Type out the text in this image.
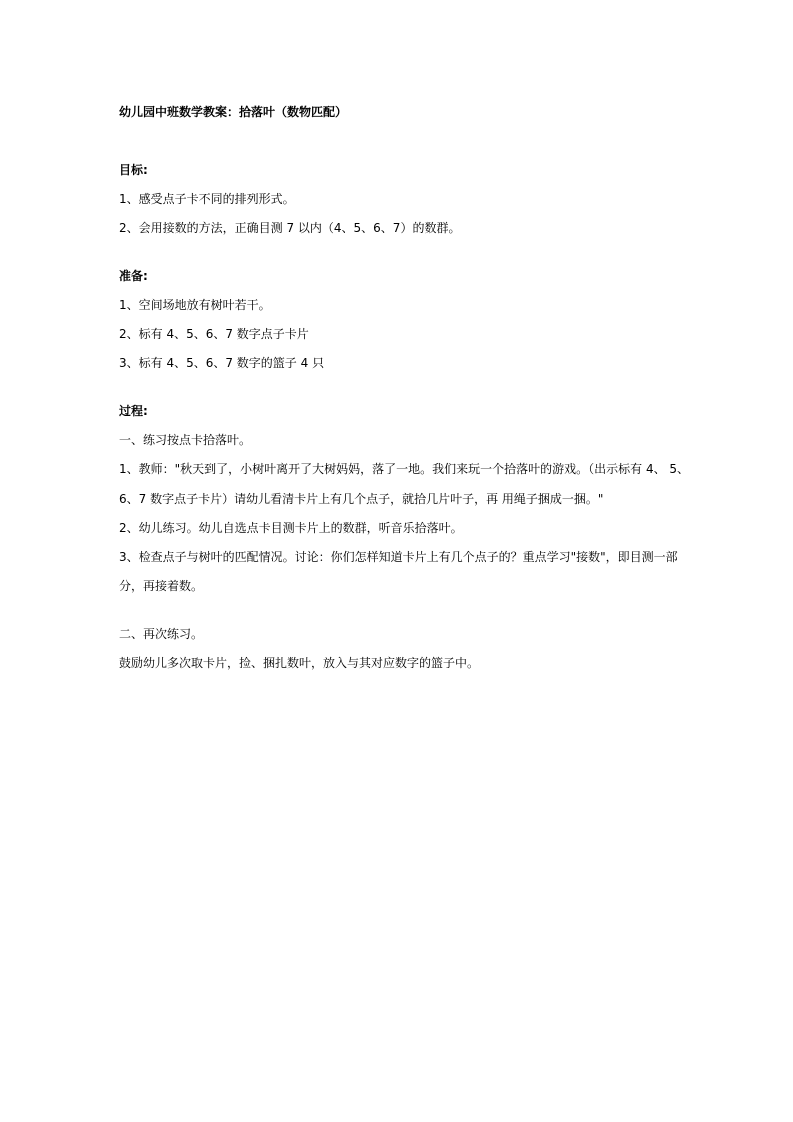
幼儿园中班数学教案：拾落叶（数物匹配）
目标:
1、感受点子卡不同的排列形式。
2、会用接数的方法，正确目测 7 以内（4、5、6、7）的数群。
准备:
1、空间场地放有树叶若干。
2、标有 4、5、6、7 数字点子卡片
3、标有 4、5、6、7 数字的篮子 4 只
过程:
一、练习按点卡拾落叶。
1、教师："秋天到了，小树叶离开了大树妈妈，落了一地。我们来玩一个拾落叶的游戏。（出示标有 4、 5、
6、7 数字点子卡片）请幼儿看清卡片上有几个点子，就拾几片叶子，再 用绳子捆成一捆。"
2、幼儿练习。幼儿自选点卡目测卡片上的数群，听音乐拾落叶。
3、检查点子与树叶的匹配情况。讨论：你们怎样知道卡片上有几个点子的？重点学习"接数"，即目测一部
分，再接着数。
二、再次练习。
鼓励幼儿多次取卡片，捡、捆扎数叶，放入与其对应数字的篮子中。
